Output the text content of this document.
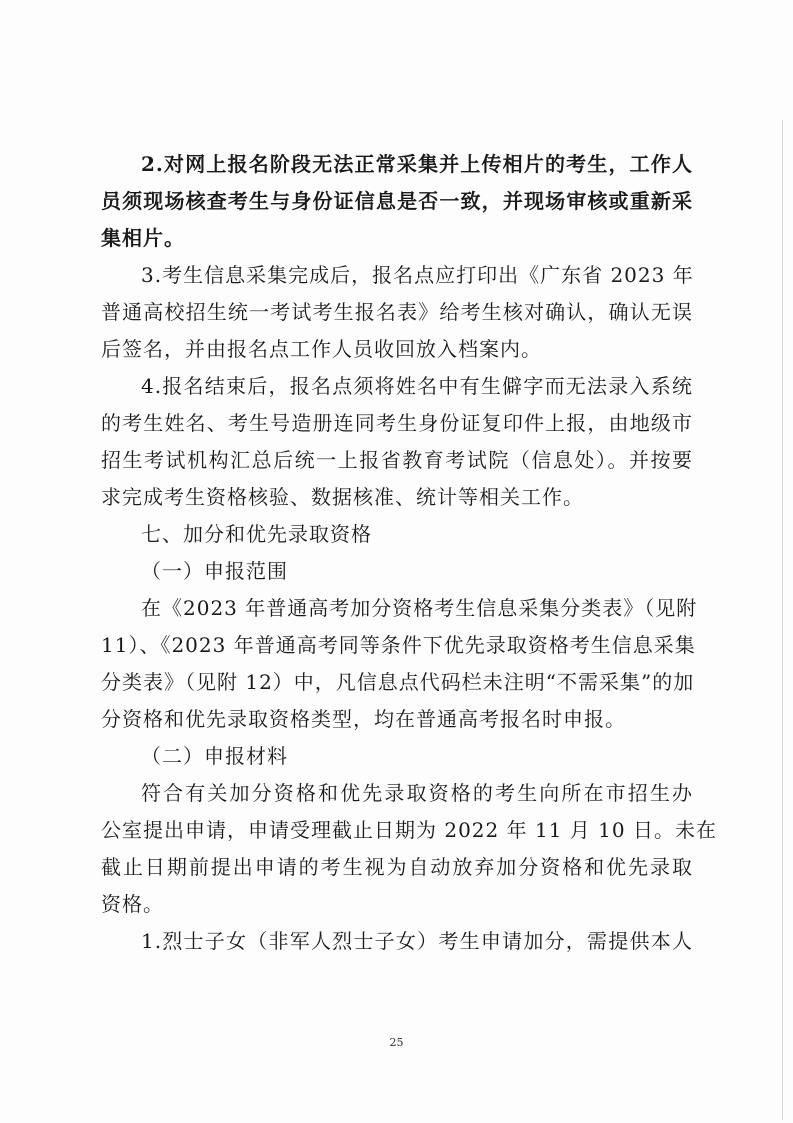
2.对网上报名阶段无法正常采集并上传相片的考生，工作人
员须现场核查考生与身份证信息是否一致，并现场审核或重新采
集相片。

3.考生信息采集完成后，报名点应打印出《广东省 2023 年
普通高校招生统一考试考生报名表》给考生核对确认，确认无误
后签名，并由报名点工作人员收回放入档案内。

4.报名结束后，报名点须将姓名中有生僻字而无法录入系统
的考生姓名、考生号造册连同考生身份证复印件上报，由地级市
招生考试机构汇总后统一上报省教育考试院（信息处）。并按要
求完成考生资格核验、数据核准、统计等相关工作。

七、加分和优先录取资格

（一）申报范围

在《2023 年普通高考加分资格考生信息采集分类表》（见附
11）、《2023 年普通高考同等条件下优先录取资格考生信息采集
分类表》（见附 12）中，凡信息点代码栏未注明“不需采集”的加
分资格和优先录取资格类型，均在普通高考报名时申报。

（二）申报材料

符合有关加分资格和优先录取资格的考生向所在市招生办
公室提出申请，申请受理截止日期为 2022 年 11 月 10 日。未在
截止日期前提出申请的考生视为自动放弃加分资格和优先录取
资格。

1.烈士子女（非军人烈士子女）考生申请加分，需提供本人

25
